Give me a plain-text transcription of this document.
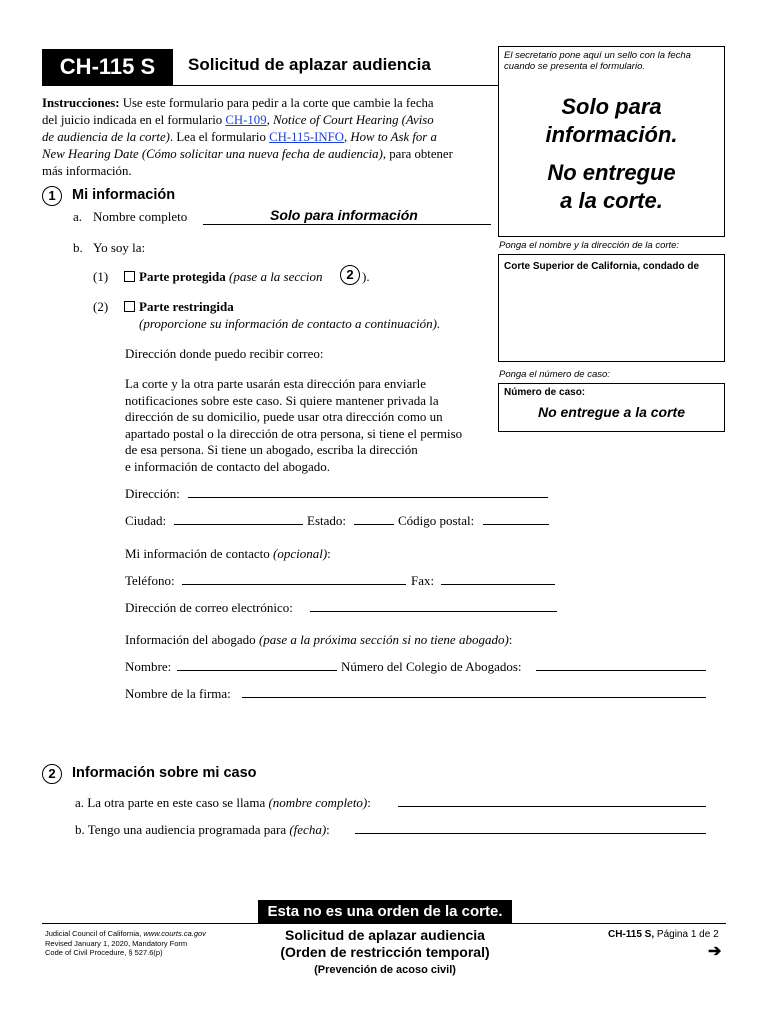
CH-115 S	Solicitud de aplazar audiencia
Instrucciones: Use este formulario para pedir a la corte que cambie la fecha
del juicio indicada en el formulario CH-109, Notice of Court Hearing (Aviso
de audiencia de la corte). Lea el formulario CH-115-INFO, How to Ask for a
New Hearing Date (Cómo solicitar una nueva fecha de audiencia), para obtener
más información.
El secretario pone aquí un sello con la fecha cuando se presenta el formulario.
Solo para
información.
No entregue
a la corte.
Ponga el nombre y la dirección de la corte:
Corte Superior de California, condado de
Ponga el número de caso:
Número de caso:
No entregue a la corte
1	Mi información
a. Nombre completo	Solo para información
b. Yo soy la:
(1)	Parte protegida (pase a la seccion	2 ).
(2)	Parte restringida
(proporcione su información de contacto a continuación).
Dirección donde puedo recibir correo:
La corte y la otra parte usarán esta dirección para enviarle
notificaciones sobre este caso. Si quiere mantener privada la
dirección de su domicilio, puede usar otra dirección como un
apartado postal o la dirección de otra persona, si tiene el permiso
de esa persona. Si tiene un abogado, escriba la dirección
e información de contacto del abogado.
Dirección:
Ciudad:	Estado:	Código postal:
Mi información de contacto (opcional):
Teléfono:	Fax:
Dirección de correo electrónico:
Información del abogado (pase a la próxima sección si no tiene abogado):
Nombre:	Número del Colegio de Abogados:
Nombre de la firma:
2	Información sobre mi caso
a. La otra parte en este caso se llama (nombre completo):
b. Tengo una audiencia programada para (fecha):
Esta no es una orden de la corte.
Judicial Council of California, www.courts.ca.gov
Revised January 1, 2020, Mandatory Form
Code of Civil Procedure, § 527.6(p)
Solicitud de aplazar audiencia
(Orden de restricción temporal)
(Prevención de acoso civil)
CH-115 S, Página 1 de 2
➔
